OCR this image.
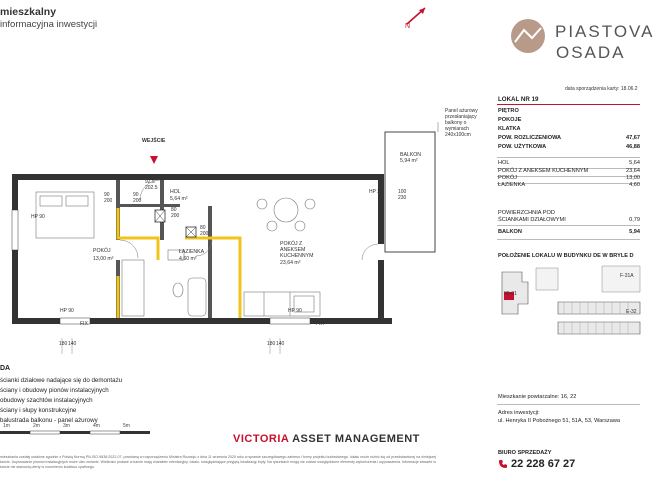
mieszkalny
informacyjna inwestycji	N	PIASTOVA
OSADA
data sporządzenia karty: 18.06.2
LOKAL NR 19
PIĘTRO
POKOJE
KLATKA
POW. ROZLICZENIOWA	47,67
POW. UŻYTKOWA	46,88
HOL	5,64
POKÓJ Z ANEKSEM KUCHENNYM	23,64
POKÓJ	13,00
ŁAZIENKA	4,60
POWIERZCHNIA POD
ŚCIANKAMI DZIAŁOWYMI	0,79
BALKON	5,94
POŁOŻENIE LOKALU W BUDYNKU DE W BRYLE D
00-01
F-31A
E-32
Mieszkanie powtarzalne: 16, 22
Adres inwestycji:
ul. Henryka II Pobożnego 51, 51A, 53, Warszawa
BIURO SPRZEDAŻY
22 228 67 27
WEJŚCIE
Panel ażurowy
przesłaniający
balkony o
wymiarach
240x100cm
BALKON
5,94 m²
HOL
5,64 m²
POKÓJ
13,00 m²
ŁAZIENKA
4,60 m²
POKÓJ Z
ANEKSEM
KUCHENNYM
23,64 m²
90
200
90
200
80
200
80
200
92.5
202.5
HP 90
HP 90	HP 90
HP 3
FIX	FIX
100
230
180 140	180 140
DA
ścianki działowe nadające się do demontażu
ściany i obudowy pionów instalacyjnych
obudowy szachtów instalacyjnych
ściany i słupy konstrukcyjne
balustrada balkonu - panel ażurowy
1m	2m	3m	4m	5m
VICTORIA ASSET MANAGEMENT
mieszkania zostały ustalone zgodnie z Polską Normą PN-ISO-9836:2022-07, powołaną w rozporządzeniu Ministra Rozwoju z dnia 11 września 2020 roku w sprawie szczegółowego zakresu i formy projektu budowlanego. lokalu może różnić się od przedstawionej na niniejszej karcie. Usytuowanie pionów instalacyjnych może ulec zmianie. Wielkości podane w karcie mają charakter orientacyjny. lokalu. uwzględniające przyjętą lokalizację bryły. Na rysunkach mogą nie zostać uwzględnione elementy wykończenia i wyposażenia. Informacje zawarte w karcie nie stanowią oferty w rozumieniu kodeksu cywilnego.
